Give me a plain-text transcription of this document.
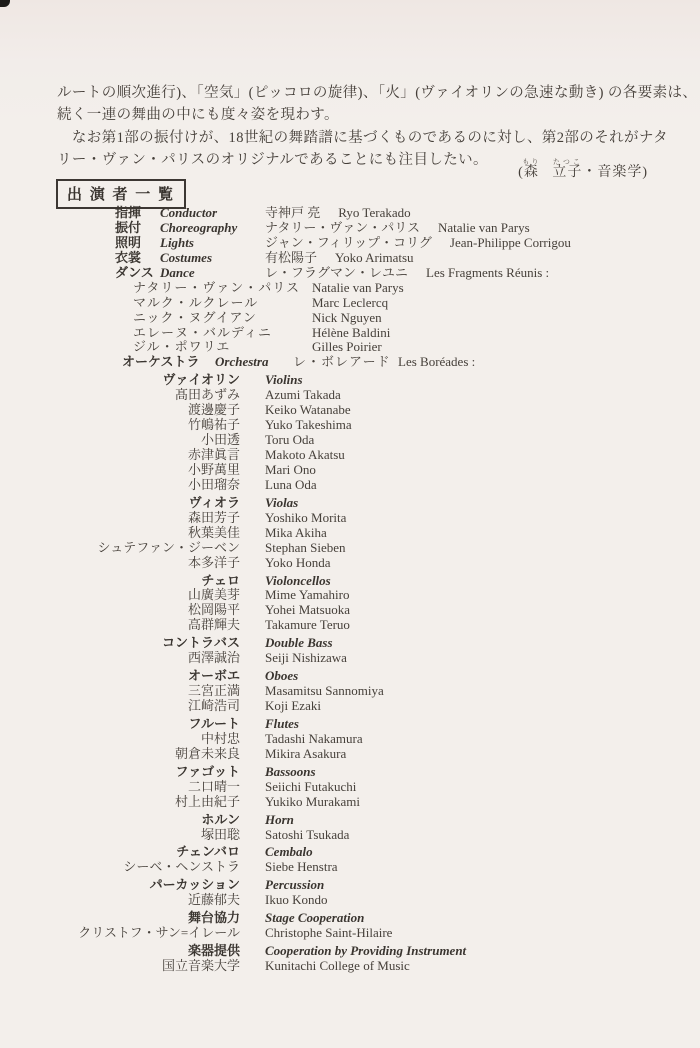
ルートの順次進行)、「空気」(ピッコロの旋律)、「火」(ヴァイオリンの急速な動き) の各要素は、
続く一連の舞曲の中にも度々姿を現わす。
　なお第1部の振付けが、18世紀の舞踏譜に基づくものであるのに対し、第2部のそれがナタ
リー・ヴァン・パリスのオリジナルであることにも注目したい。
(森もり立子たつこ・音楽学)
出 演 者 一 覧
指揮	Conductor	寺神戸 亮 Ryo Terakado
振付	Choreography	ナタリー・ヴァン・パリス Natalie van Parys
照明	Lights	ジャン・フィリップ・コリグ Jean-Philippe Corrigou
衣裳	Costumes	有松陽子 Yoko Arimatsu
ダンス Dance	レ・フラグマン・レユニ Les Fragments Réunis :
ナタリー・ヴァン・パリス Natalie van Parys
マルク・ルクレール	Marc Leclercq
ニック・ヌグイアン	Nick Nguyen
エレーヌ・バルディニ	Hélène Baldini
ジル・ポワリエ	Gilles Poirier
オーケストラ	Orchestra	レ・ボレアード Les Boréades :
ヴァイオリン Violins
髙田あずみ Azumi Takada
渡邊慶子 Keiko Watanabe
竹嶋祐子 Yuko Takeshima
小田透 Toru Oda
赤津眞言 Makoto Akatsu
小野萬里 Mari Ono
小田瑠奈 Luna Oda
ヴィオラ Violas
森田芳子 Yoshiko Morita
秋葉美佳 Mika Akiha
シュテファン・ジーベン Stephan Sieben
本多洋子 Yoko Honda
チェロ Violoncellos
山廣美芽 Mime Yamahiro
松岡陽平 Yohei Matsuoka
高群輝夫 Takamure Teruo
コントラバス Double Bass
西澤誠治 Seiji Nishizawa
オーボエ Oboes
三宮正満 Masamitsu Sannomiya
江崎浩司 Koji Ezaki
フルート Flutes
中村忠 Tadashi Nakamura
朝倉未来良 Mikira Asakura
ファゴット Bassoons
二口晴一 Seiichi Futakuchi
村上由紀子 Yukiko Murakami
ホルン Horn
塚田聡 Satoshi Tsukada
チェンバロ Cembalo
シーベ・ヘンストラ Siebe Henstra
パーカッション Percussion
近藤郁夫 Ikuo Kondo
舞台協力 Stage Cooperation
クリストフ・サン=イレール Christophe Saint-Hilaire
楽器提供 Cooperation by Providing Instrument
国立音楽大学 Kunitachi College of Music
